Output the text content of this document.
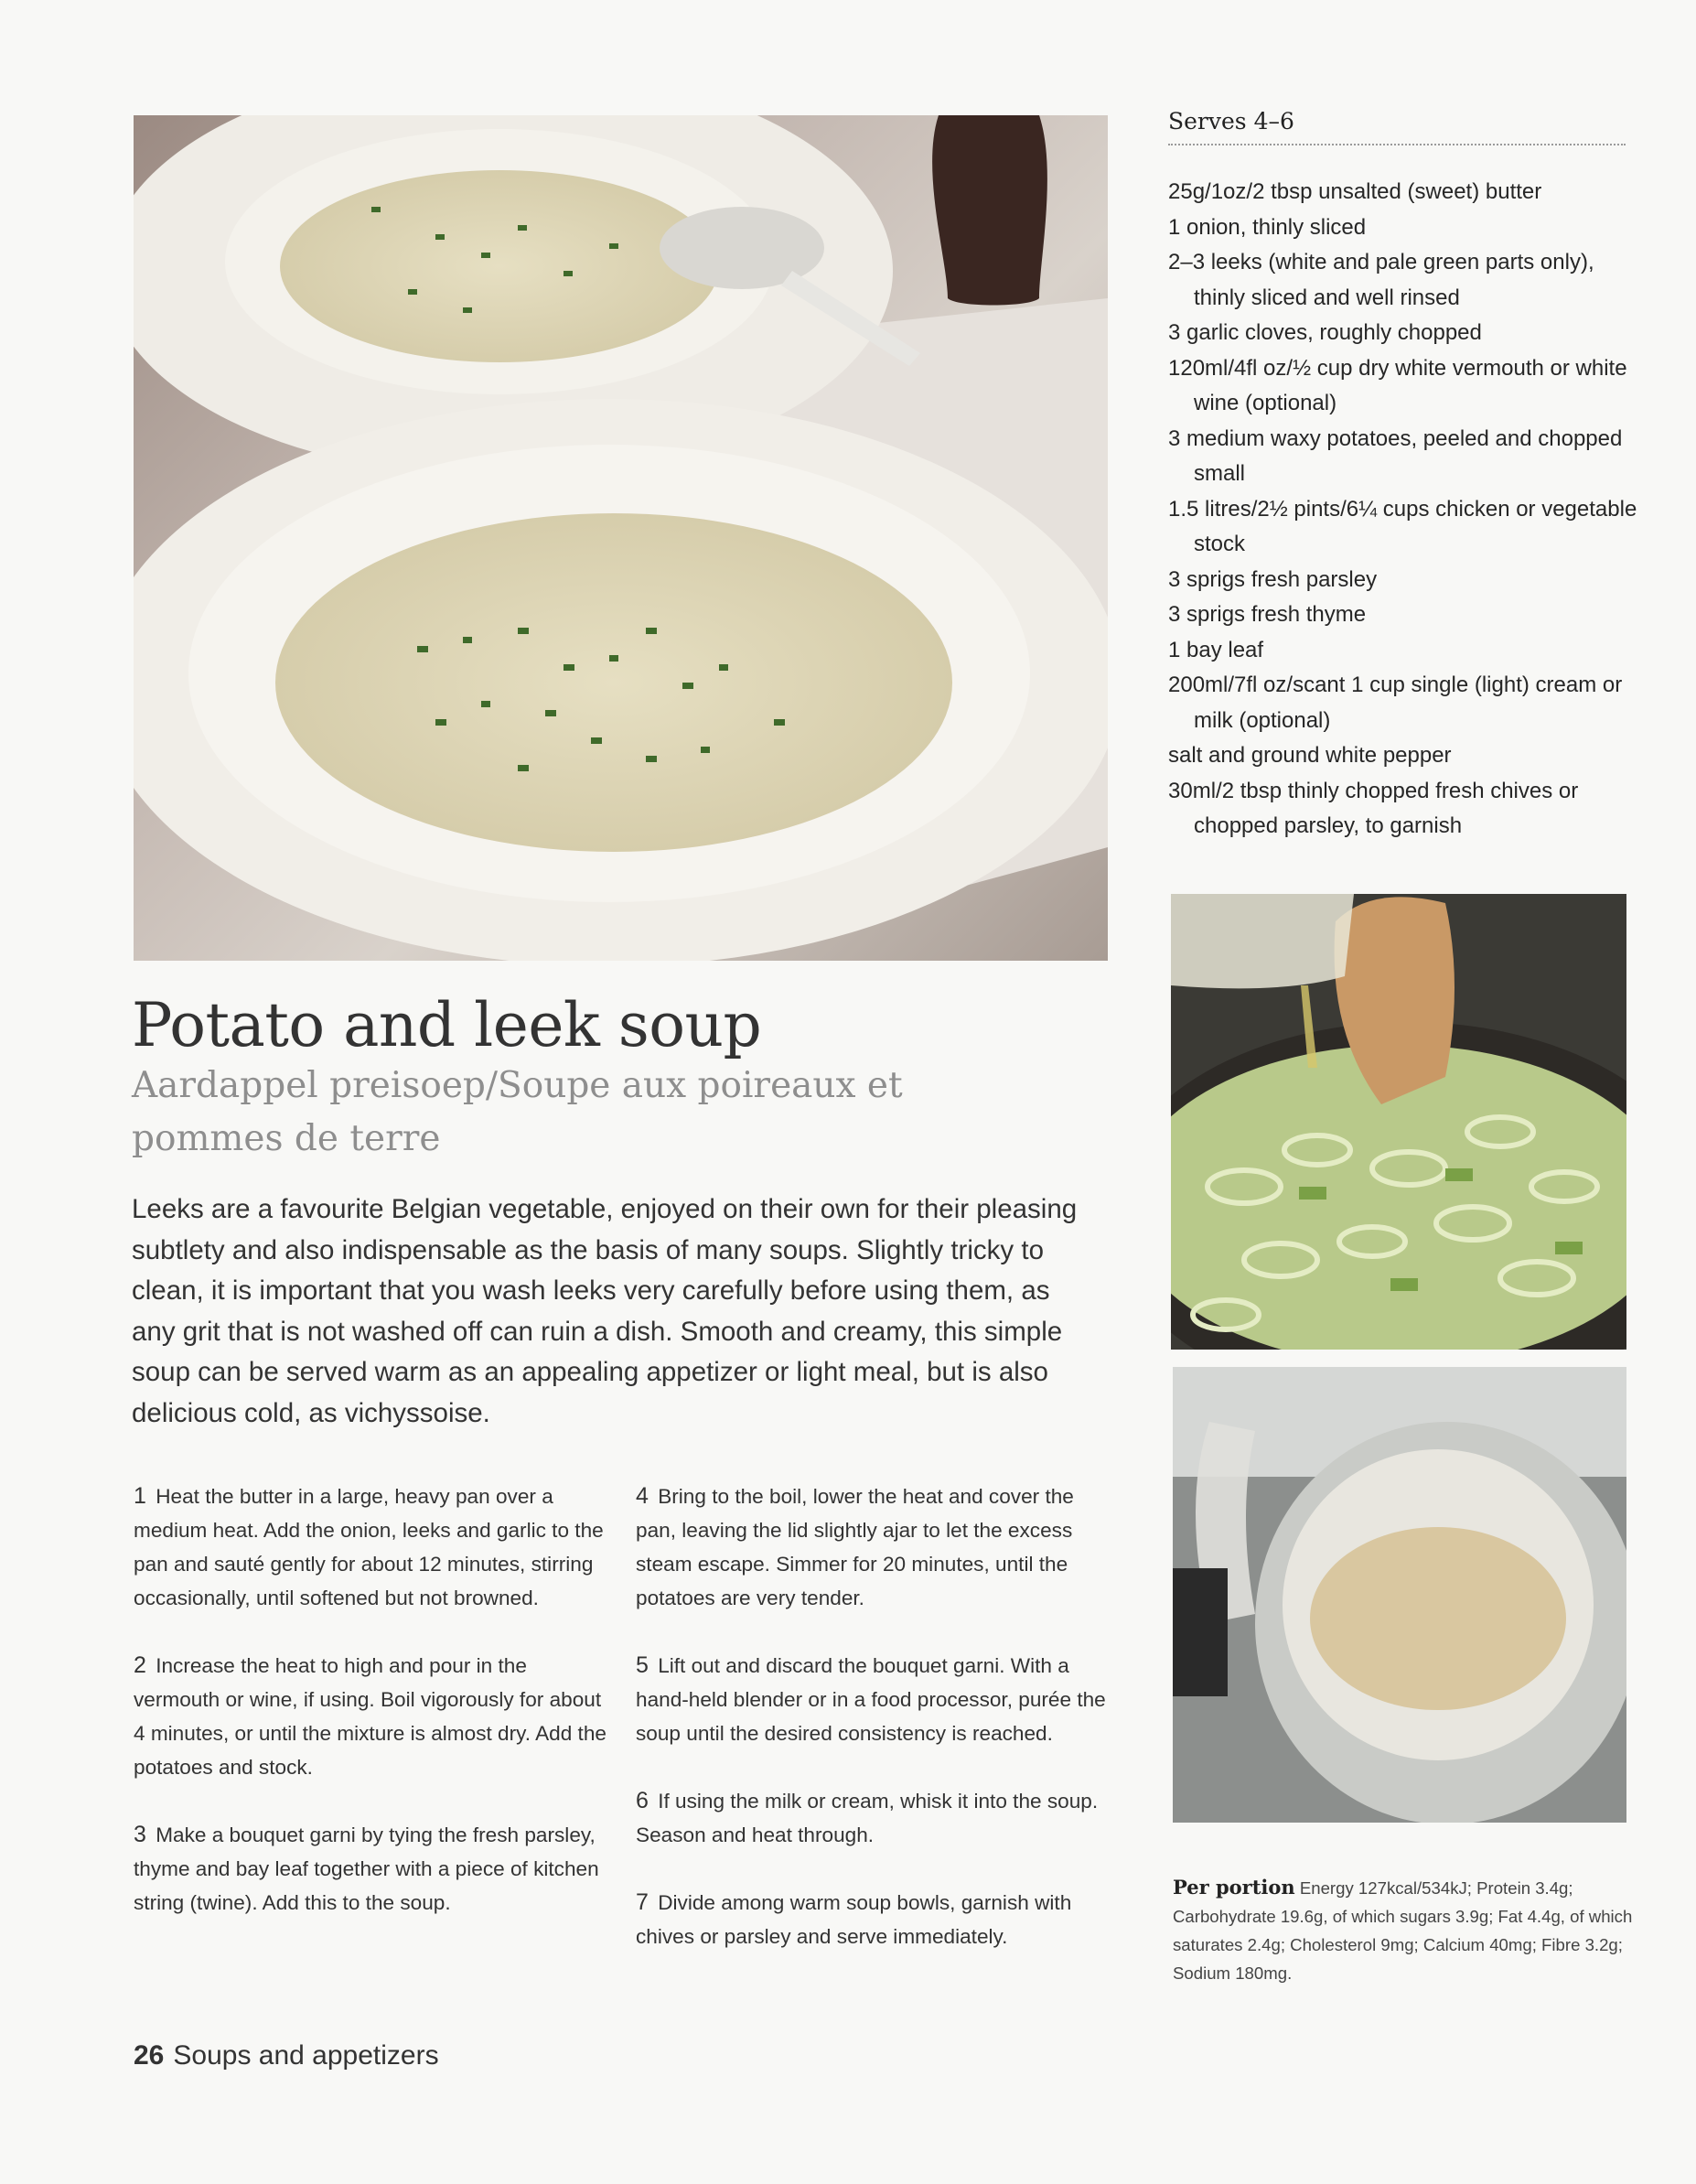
Serves 4–6
25g/1oz/2 tbsp unsalted (sweet) butter
1 onion, thinly sliced
2–3 leeks (white and pale green parts only), thinly sliced and well rinsed
3 garlic cloves, roughly chopped
120ml/4fl oz/½ cup dry white vermouth or white wine (optional)
3 medium waxy potatoes, peeled and chopped small
1.5 litres/2½ pints/6¼ cups chicken or vegetable stock
3 sprigs fresh parsley
3 sprigs fresh thyme
1 bay leaf
200ml/7fl oz/scant 1 cup single (light) cream or milk (optional)
salt and ground white pepper
30ml/2 tbsp thinly chopped fresh chives or chopped parsley, to garnish
Potato and leek soup

Aardappel preisoep/Soupe aux poireaux et pommes de terre

Leeks are a favourite Belgian vegetable, enjoyed on their own for their pleasing subtlety and also indispensable as the basis of many soups. Slightly tricky to clean, it is important that you wash leeks very carefully before using them, as any grit that is not washed off can ruin a dish. Smooth and creamy, this simple soup can be served warm as an appealing appetizer or light meal, but is also delicious cold, as vichyssoise.

1 Heat the butter in a large, heavy pan over a medium heat. Add the onion, leeks and garlic to the pan and sauté gently for about 12 minutes, stirring occasionally, until softened but not browned.

2 Increase the heat to high and pour in the vermouth or wine, if using. Boil vigorously for about 4 minutes, or until the mixture is almost dry. Add the potatoes and stock.

3 Make a bouquet garni by tying the fresh parsley, thyme and bay leaf together with a piece of kitchen string (twine). Add this to the soup.

4 Bring to the boil, lower the heat and cover the pan, leaving the lid slightly ajar to let the excess steam escape. Simmer for 20 minutes, until the potatoes are very tender.

5 Lift out and discard the bouquet garni. With a hand-held blender or in a food processor, purée the soup until the desired consistency is reached.

6 If using the milk or cream, whisk it into the soup. Season and heat through.

7 Divide among warm soup bowls, garnish with chives or parsley and serve immediately.

Per portion Energy 127kcal/534kJ; Protein 3.4g; Carbohydrate 19.6g, of which sugars 3.9g; Fat 4.4g, of which saturates 2.4g; Cholesterol 9mg; Calcium 40mg; Fibre 3.2g; Sodium 180mg.

26 Soups and appetizers
